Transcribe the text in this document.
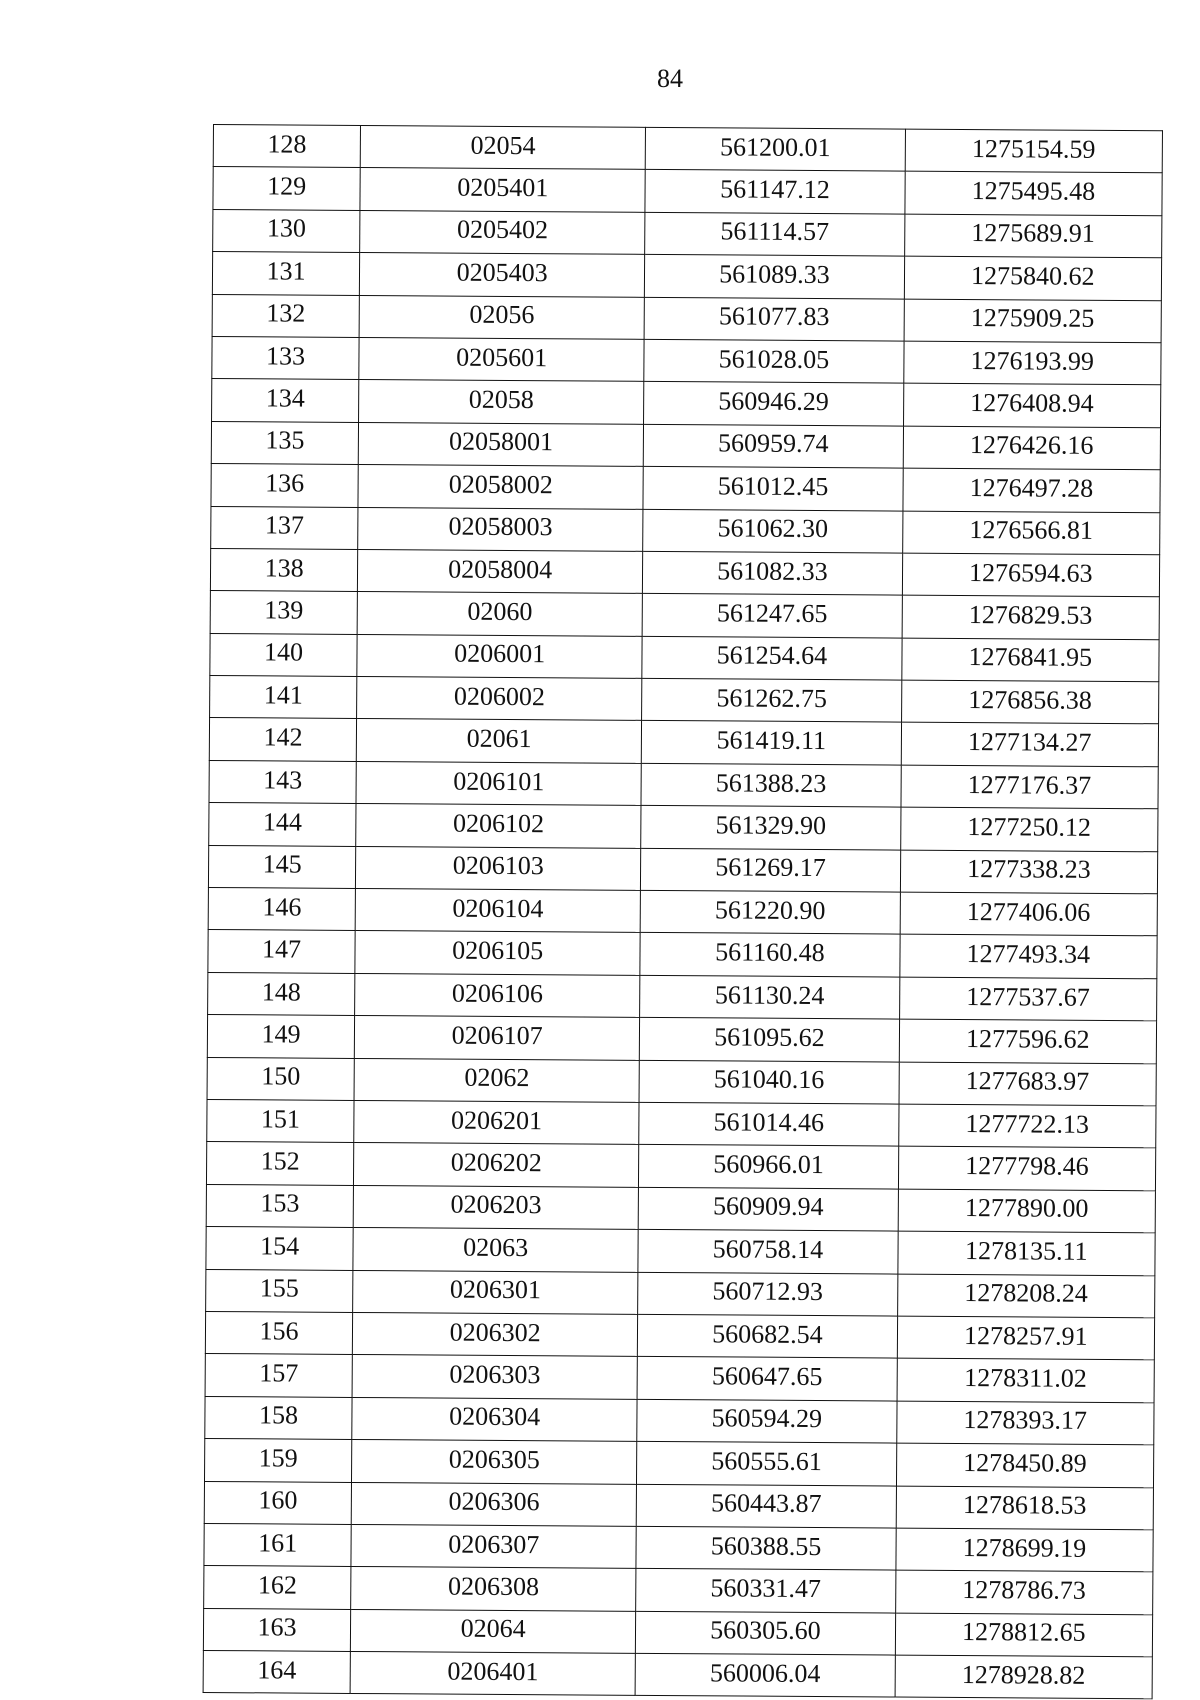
84
128	02054	561200.01	1275154.59
129	0205401	561147.12	1275495.48
130	0205402	561114.57	1275689.91
131	0205403	561089.33	1275840.62
132	02056	561077.83	1275909.25
133	0205601	561028.05	1276193.99
134	02058	560946.29	1276408.94
135	02058001	560959.74	1276426.16
136	02058002	561012.45	1276497.28
137	02058003	561062.30	1276566.81
138	02058004	561082.33	1276594.63
139	02060	561247.65	1276829.53
140	0206001	561254.64	1276841.95
141	0206002	561262.75	1276856.38
142	02061	561419.11	1277134.27
143	0206101	561388.23	1277176.37
144	0206102	561329.90	1277250.12
145	0206103	561269.17	1277338.23
146	0206104	561220.90	1277406.06
147	0206105	561160.48	1277493.34
148	0206106	561130.24	1277537.67
149	0206107	561095.62	1277596.62
150	02062	561040.16	1277683.97
151	0206201	561014.46	1277722.13
152	0206202	560966.01	1277798.46
153	0206203	560909.94	1277890.00
154	02063	560758.14	1278135.11
155	0206301	560712.93	1278208.24
156	0206302	560682.54	1278257.91
157	0206303	560647.65	1278311.02
158	0206304	560594.29	1278393.17
159	0206305	560555.61	1278450.89
160	0206306	560443.87	1278618.53
161	0206307	560388.55	1278699.19
162	0206308	560331.47	1278786.73
163	02064	560305.60	1278812.65
164	0206401	560006.04	1278928.82
